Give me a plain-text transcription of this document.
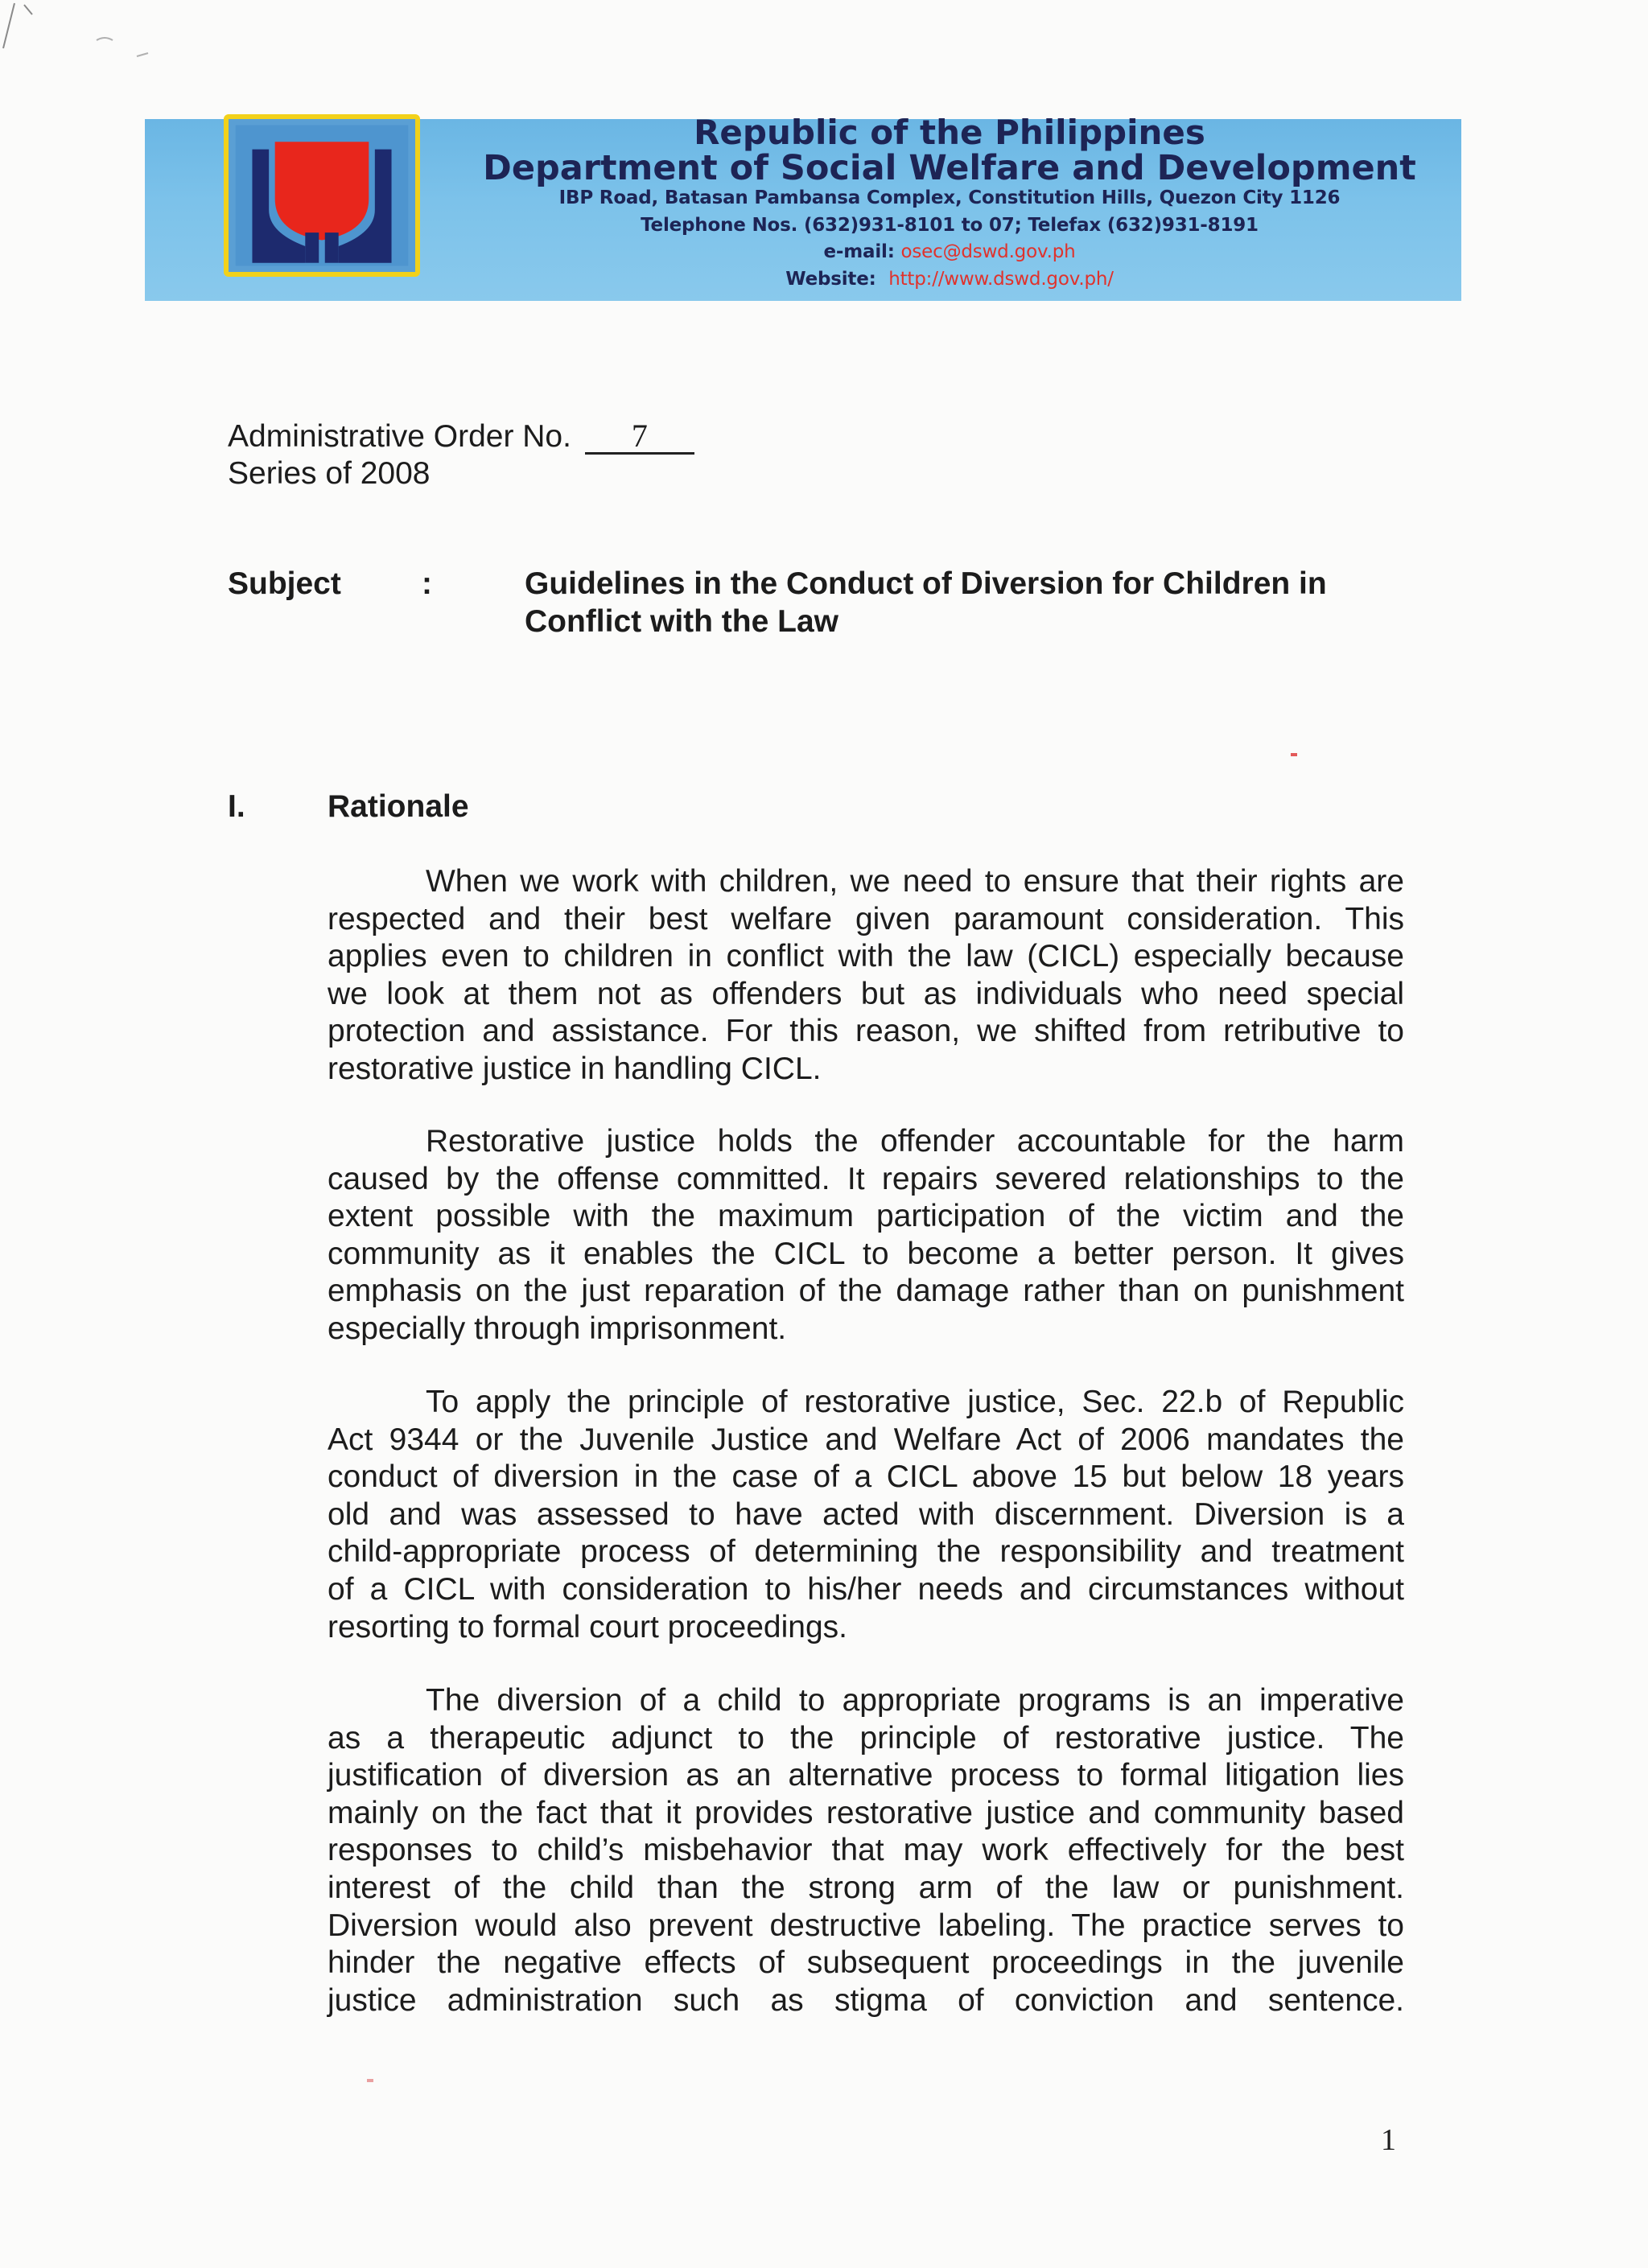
Republic of the Philippines
Department of Social Welfare and Development
IBP Road, Batasan Pambansa Complex, Constitution Hills, Quezon City 1126
Telephone Nos. (632)931-8101 to 07; Telefax (632)931-8191
e-mail: osec@dswd.gov.ph
Website: http://www.dswd.gov.ph/
Administrative Order No. 7
Series of 2008
Subject	:	Guidelines in the Conduct of Diversion for Children in Conflict with the Law
I.	Rationale
When we work with children, we need to ensure that their rights are
respected and their best welfare given paramount consideration. This
applies even to children in conflict with the law (CICL) especially because
we look at them not as offenders but as individuals who need special
protection and assistance. For this reason, we shifted from retributive to
restorative justice in handling CICL.
Restorative justice holds the offender accountable for the harm
caused by the offense committed. It repairs severed relationships to the
extent possible with the maximum participation of the victim and the
community as it enables the CICL to become a better person. It gives
emphasis on the just reparation of the damage rather than on punishment
especially through imprisonment.
To apply the principle of restorative justice, Sec. 22.b of Republic
Act 9344 or the Juvenile Justice and Welfare Act of 2006 mandates the
conduct of diversion in the case of a CICL above 15 but below 18 years
old and was assessed to have acted with discernment. Diversion is a
child-appropriate process of determining the responsibility and treatment
of a CICL with consideration to his/her needs and circumstances without
resorting to formal court proceedings.
The diversion of a child to appropriate programs is an imperative
as a therapeutic adjunct to the principle of restorative justice. The
justification of diversion as an alternative process to formal litigation lies
mainly on the fact that it provides restorative justice and community based
responses to child’s misbehavior that may work effectively for the best
interest of the child than the strong arm of the law or punishment.
Diversion would also prevent destructive labeling. The practice serves to
hinder the negative effects of subsequent proceedings in the juvenile
justice administration such as stigma of conviction and sentence.
1
